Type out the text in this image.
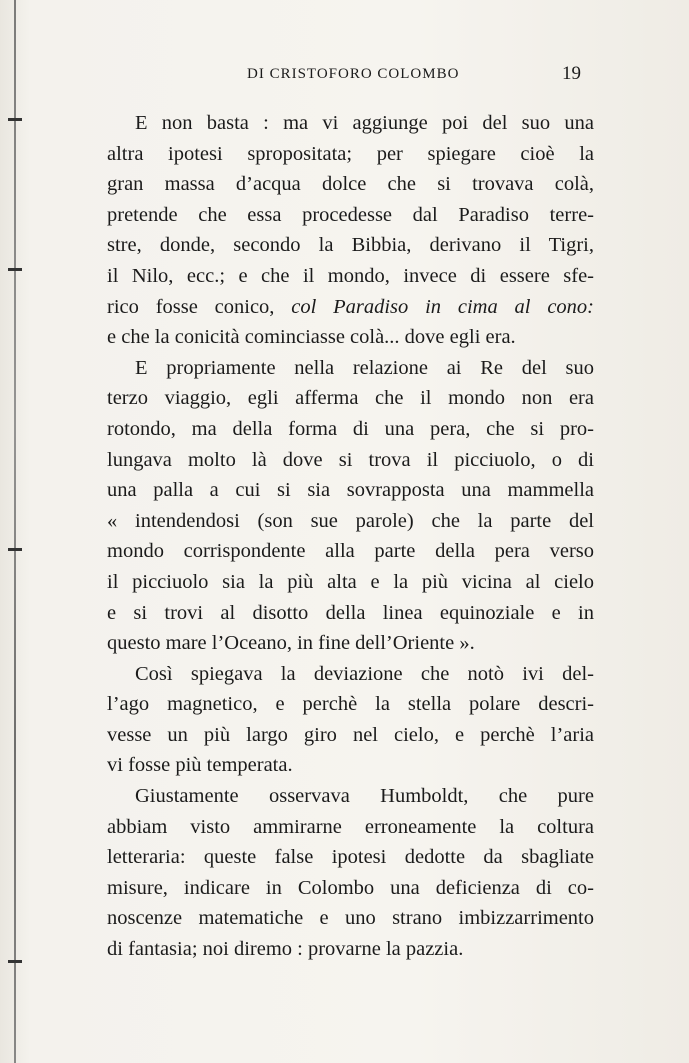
DI CRISTOFORO COLOMBO	19
E non basta : ma vi aggiunge poi del suo una
altra ipotesi spropositata; per spiegare cioè la
gran massa d’acqua dolce che si trovava colà,
pretende che essa procedesse dal Paradiso terre-
stre, donde, secondo la Bibbia, derivano il Tigri,
il Nilo, ecc.; e che il mondo, invece di essere sfe-
rico fosse conico, col Paradiso in cima al cono:
e che la conicità cominciasse colà... dove egli era.
E propriamente nella relazione ai Re del suo
terzo viaggio, egli afferma che il mondo non era
rotondo, ma della forma di una pera, che si pro-
lungava molto là dove si trova il picciuolo, o di
una palla a cui si sia sovrapposta una mammella
« intendendosi (son sue parole) che la parte del
mondo corrispondente alla parte della pera verso
il picciuolo sia la più alta e la più vicina al cielo
e si trovi al disotto della linea equinoziale e in
questo mare l’Oceano, in fine dell’Oriente ».
Così spiegava la deviazione che notò ivi del-
l’ago magnetico, e perchè la stella polare descri-
vesse un più largo giro nel cielo, e perchè l’aria
vi fosse più temperata.
Giustamente osservava Humboldt, che pure
abbiam visto ammirarne erroneamente la coltura
letteraria: queste false ipotesi dedotte da sbagliate
misure, indicare in Colombo una deficienza di co-
noscenze matematiche e uno strano imbizzarrimento
di fantasia; noi diremo : provarne la pazzia.
